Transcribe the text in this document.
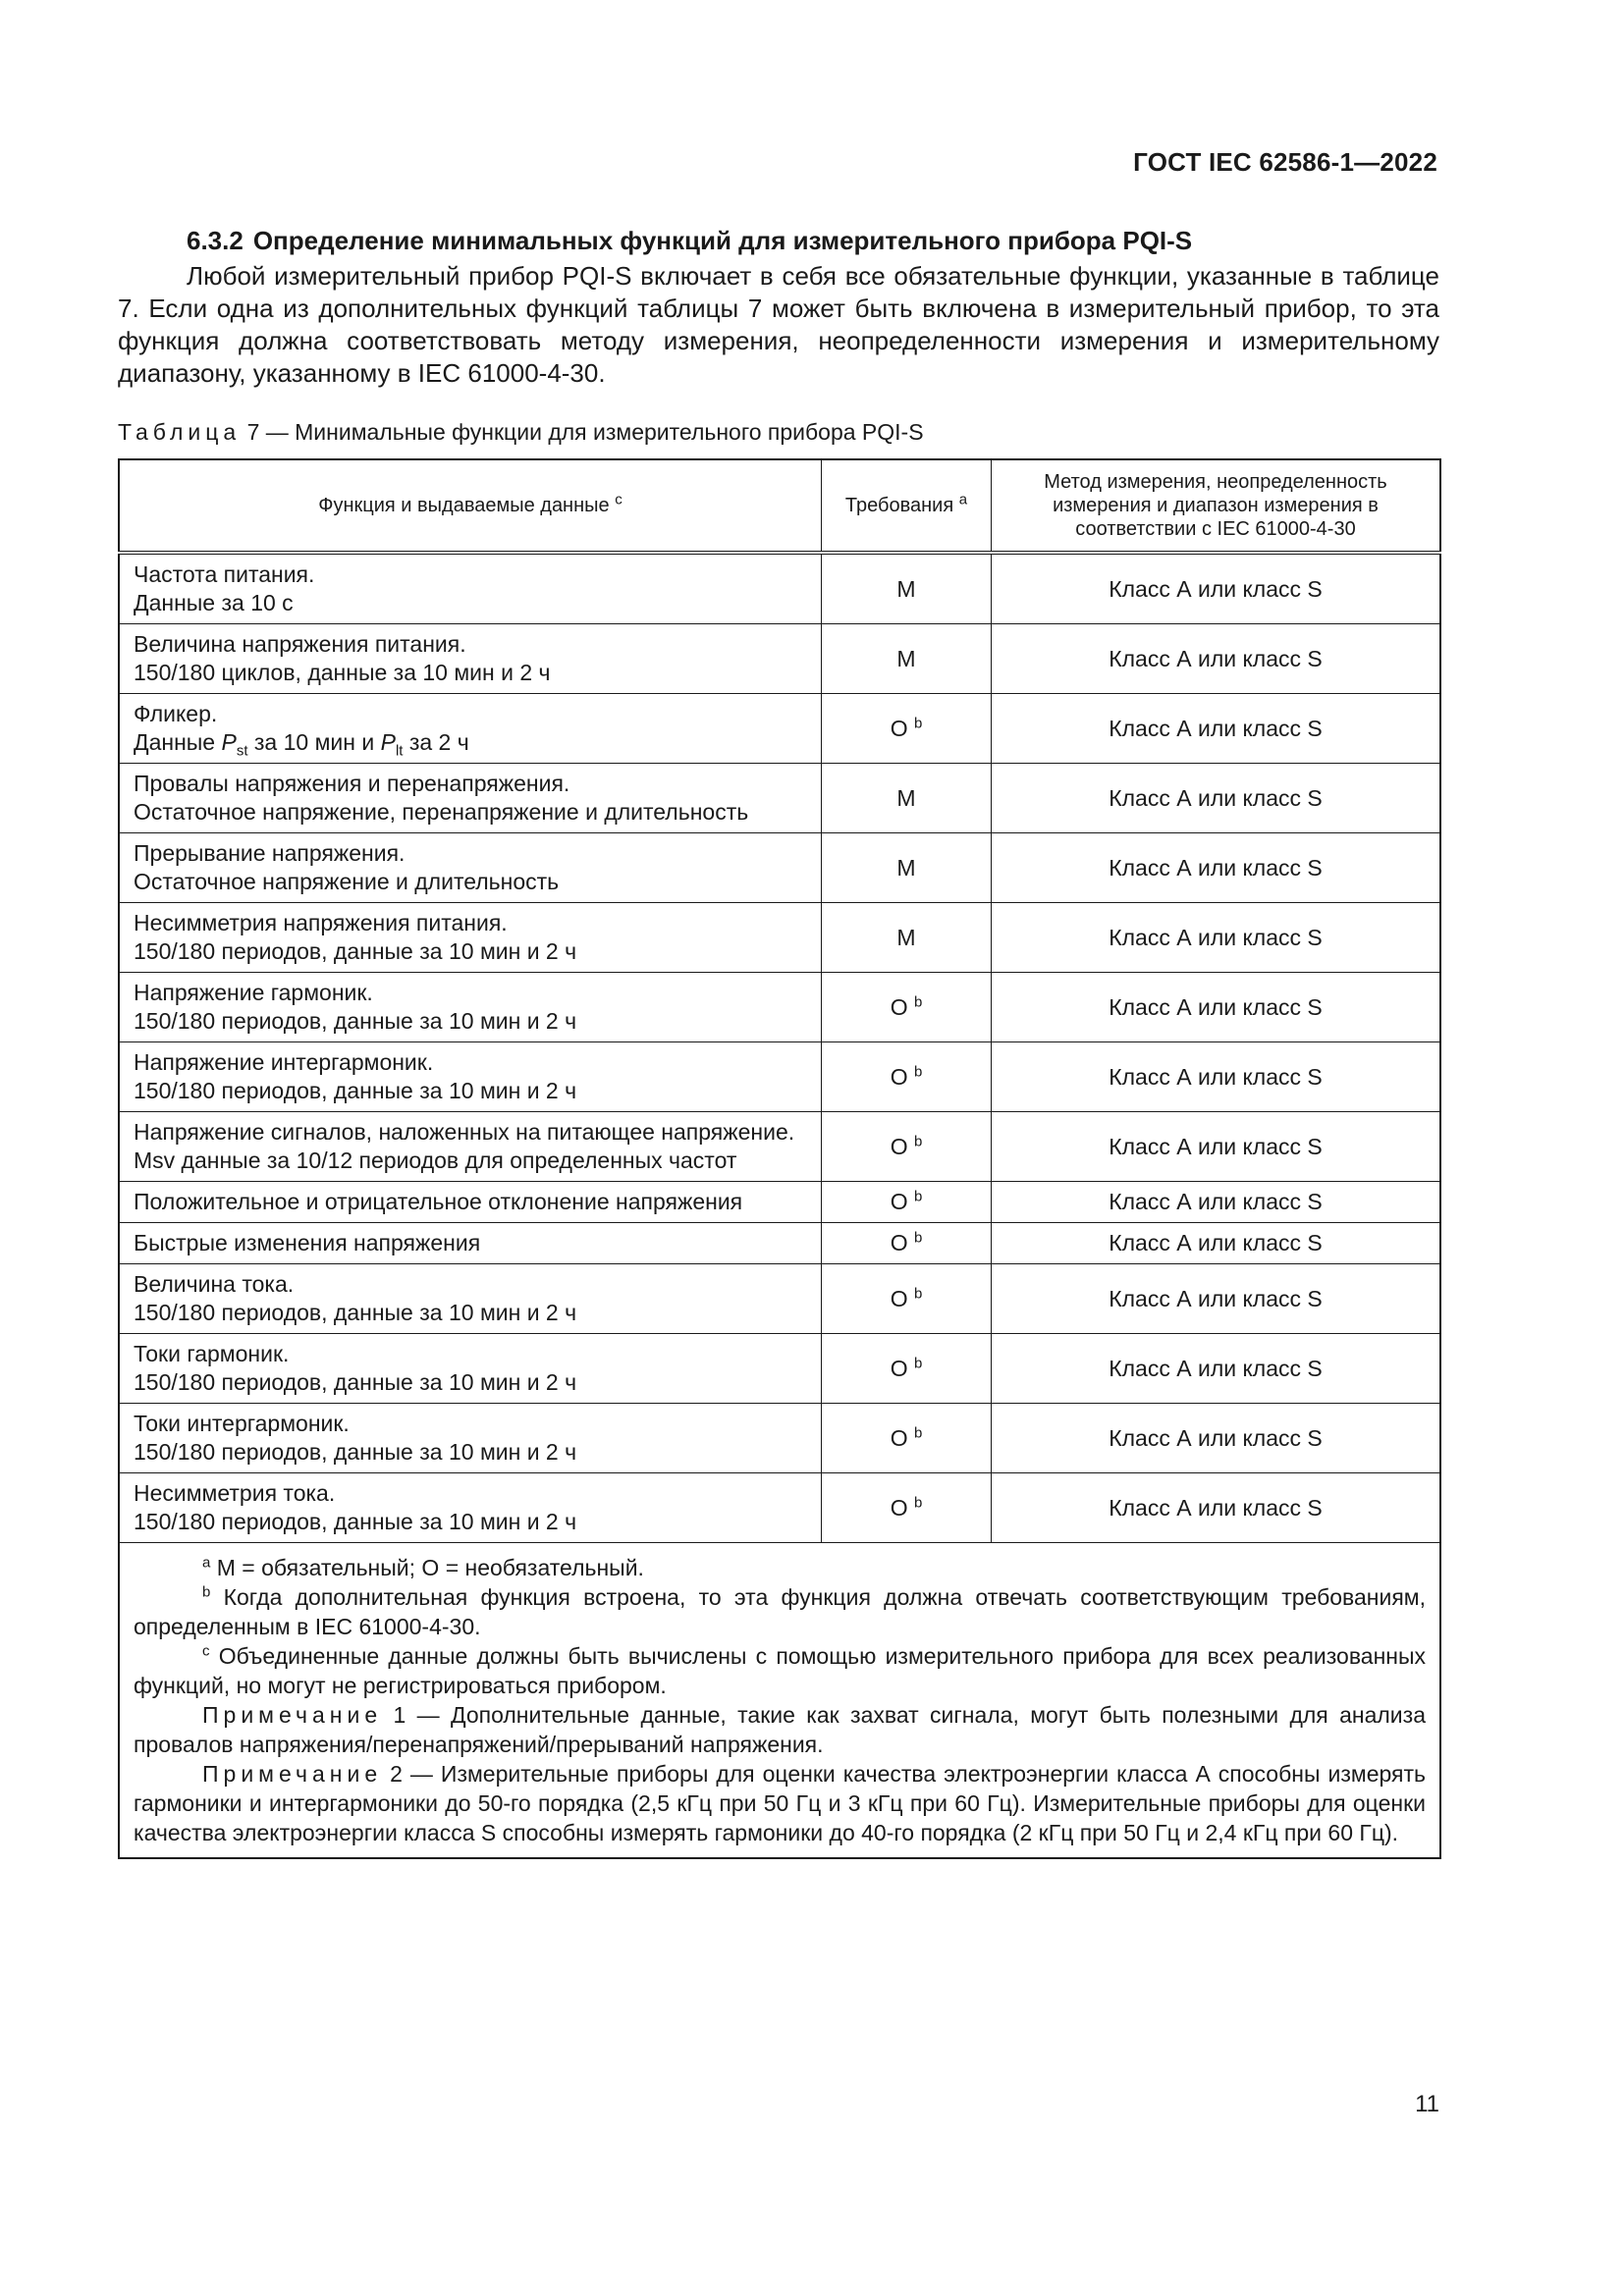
ГОСТ IEC 62586-1—2022
6.3.2 Определение минимальных функций для измерительного прибора PQI-S

Любой измерительный прибор PQI-S включает в себя все обязательные функции, указанные в таблице 7. Если одна из дополнительных функций таблицы 7 может быть включена в измерительный прибор, то эта функция должна соответствовать методу измерения, неопределенности измерения и измерительному диапазону, указанному в IEC 61000-4-30.

Таблица 7 — Минимальные функции для измерительного прибора PQI-S
Функция и выдаваемые данные $^c$	Требования $^a$	Метод измерения, неопределенность измерения и диапазон измерения в соответствии с IEC 61000-4-30
Частота питания.
Данные за 10 с	M	Класс А или класс S
Величина напряжения питания.
150/180 циклов, данные за 10 мин и 2 ч	M	Класс А или класс S
Фликер.
Данные $P_{st}$ за 10 мин и $P_{lt}$ за 2 ч	O $^b$	Класс А или класс S
Провалы напряжения и перенапряжения.
Остаточное напряжение, перенапряжение и длительность	M	Класс А или класс S
Прерывание напряжения.
Остаточное напряжение и длительность	M	Класс А или класс S
Несимметрия напряжения питания.
150/180 периодов, данные за 10 мин и 2 ч	M	Класс А или класс S
Напряжение гармоник.
150/180 периодов, данные за 10 мин и 2 ч	O $^b$	Класс А или класс S
Напряжение интергармоник.
150/180 периодов, данные за 10 мин и 2 ч	O $^b$	Класс А или класс S
Напряжение сигналов, наложенных на питающее напряжение.
Msv данные за 10/12 периодов для определенных частот	O $^b$	Класс А или класс S
Положительное и отрицательное отклонение напряжения	O $^b$	Класс А или класс S
Быстрые изменения напряжения	O $^b$	Класс А или класс S
Величина тока.
150/180 периодов, данные за 10 мин и 2 ч	O $^b$	Класс А или класс S
Токи гармоник.
150/180 периодов, данные за 10 мин и 2 ч	O $^b$	Класс А или класс S
Токи интергармоник.
150/180 периодов, данные за 10 мин и 2 ч	O $^b$	Класс А или класс S
Несимметрия тока.
150/180 периодов, данные за 10 мин и 2 ч	O $^b$	Класс А или класс S

$^a$ M = обязательный; O = необязательный.

$^b$ Когда дополнительная функция встроена, то эта функция должна отвечать соответствующим требованиям, определенным в IEC 61000-4-30.

$^c$ Объединенные данные должны быть вычислены с помощью измерительного прибора для всех реализованных функций, но могут не регистрироваться прибором.

Примечание 1 — Дополнительные данные, такие как захват сигнала, могут быть полезными для анализа провалов напряжения/перенапряжений/прерываний напряжения.

Примечание 2 — Измерительные приборы для оценки качества электроэнергии класса А способны измерять гармоники и интергармоники до 50-го порядка (2,5 кГц при 50 Гц и 3 кГц при 60 Гц). Измерительные приборы для оценки качества электроэнергии класса S способны измерять гармоники до 40-го порядка (2 кГц при 50 Гц и 2,4 кГц при 60 Гц).		

11
